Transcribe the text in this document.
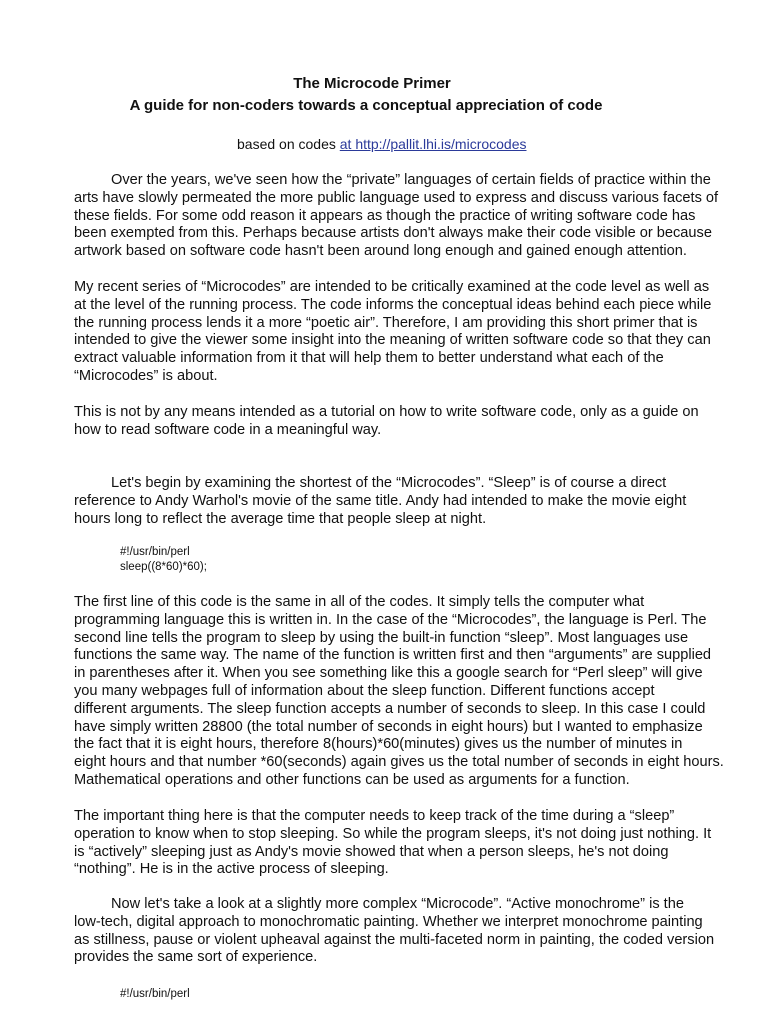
The Microcode Primer
A guide for non-coders towards a conceptual appreciation of code
based on codes at http://pallit.lhi.is/microcodes

Over the years, we've seen how the “private” languages of certain fields of practice within the
arts have slowly permeated the more public language used to express and discuss various facets of
these fields. For some odd reason it appears as though the practice of writing software code has
been exempted from this. Perhaps because artists don't always make their code visible or because
artwork based on software code hasn't been around long enough and gained enough attention.

My recent series of “Microcodes” are intended to be critically examined at the code level as well as
at the level of the running process. The code informs the conceptual ideas behind each piece while
the running process lends it a more “poetic air”. Therefore, I am providing this short primer that is
intended to give the viewer some insight into the meaning of written software code so that they can
extract valuable information from it that will help them to better understand what each of the
“Microcodes” is about.

This is not by any means intended as a tutorial on how to write software code, only as a guide on
how to read software code in a meaningful way.

Let's begin by examining the shortest of the “Microcodes”. “Sleep” is of course a direct
reference to Andy Warhol's movie of the same title. Andy had intended to make the movie eight
hours long to reflect the average time that people sleep at night.

#!/usr/bin/perl
sleep((8*60)*60);

The first line of this code is the same in all of the codes. It simply tells the computer what
programming language this is written in. In the case of the “Microcodes”, the language is Perl. The
second line tells the program to sleep by using the built-in function “sleep”. Most languages use
functions the same way. The name of the function is written first and then “arguments” are supplied
in parentheses after it. When you see something like this a google search for “Perl sleep” will give
you many webpages full of information about the sleep function. Different functions accept
different arguments. The sleep function accepts a number of seconds to sleep. In this case I could
have simply written 28800 (the total number of seconds in eight hours) but I wanted to emphasize
the fact that it is eight hours, therefore 8(hours)*60(minutes) gives us the number of minutes in
eight hours and that number *60(seconds) again gives us the total number of seconds in eight hours.
Mathematical operations and other functions can be used as arguments for a function.

The important thing here is that the computer needs to keep track of the time during a “sleep”
operation to know when to stop sleeping. So while the program sleeps, it's not doing just nothing. It
is “actively” sleeping just as Andy's movie showed that when a person sleeps, he's not doing
“nothing”. He is in the active process of sleeping.

Now let's take a look at a slightly more complex “Microcode”. “Active monochrome” is the
low-tech, digital approach to monochromatic painting. Whether we interpret monochrome painting
as stillness, pause or violent upheaval against the multi-faceted norm in painting, the coded version
provides the same sort of experience.

#!/usr/bin/perl
